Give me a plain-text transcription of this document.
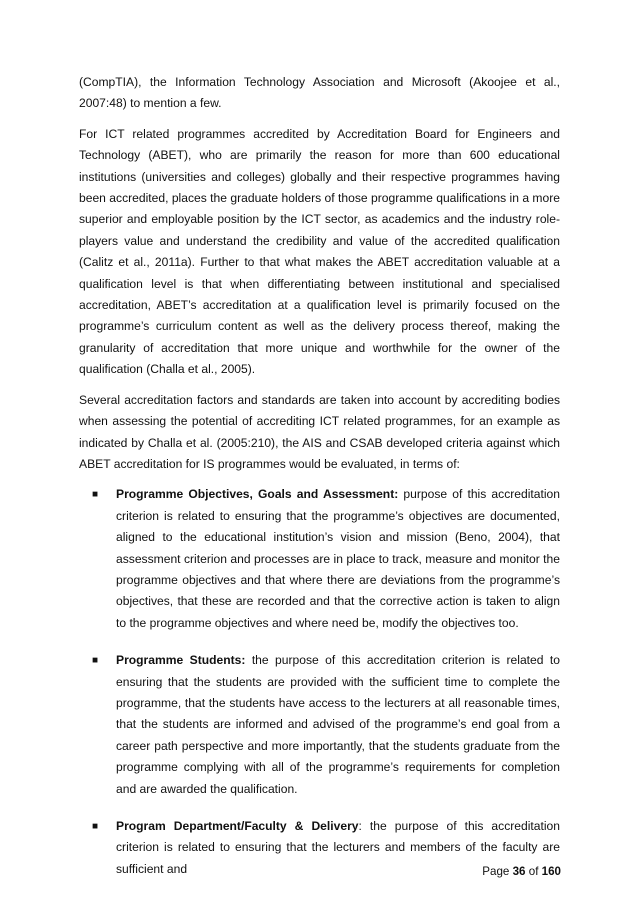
(CompTIA), the Information Technology Association and Microsoft (Akoojee et al., 2007:48) to mention a few.

For ICT related programmes accredited by Accreditation Board for Engineers and Technology (ABET), who are primarily the reason for more than 600 educational institutions (universities and colleges) globally and their respective programmes having been accredited, places the graduate holders of those programme qualifications in a more superior and employable position by the ICT sector, as academics and the industry role-players value and understand the credibility and value of the accredited qualification (Calitz et al., 2011a). Further to that what makes the ABET accreditation valuable at a qualification level is that when differentiating between institutional and specialised accreditation, ABET’s accreditation at a qualification level is primarily focused on the programme’s curriculum content as well as the delivery process thereof, making the granularity of accreditation that more unique and worthwhile for the owner of the qualification (Challa et al., 2005).

Several accreditation factors and standards are taken into account by accrediting bodies when assessing the potential of accrediting ICT related programmes, for an example as indicated by Challa et al. (2005:210), the AIS and CSAB developed criteria against which ABET accreditation for IS programmes would be evaluated, in terms of:

■ Programme Objectives, Goals and Assessment: purpose of this accreditation criterion is related to ensuring that the programme’s objectives are documented, aligned to the educational institution’s vision and mission (Beno, 2004), that assessment criterion and processes are in place to track, measure and monitor the programme objectives and that where there are deviations from the programme’s objectives, that these are recorded and that the corrective action is taken to align to the programme objectives and where need be, modify the objectives too.
■ Programme Students: the purpose of this accreditation criterion is related to ensuring that the students are provided with the sufficient time to complete the programme, that the students have access to the lecturers at all reasonable times, that the students are informed and advised of the programme’s end goal from a career path perspective and more importantly, that the students graduate from the programme complying with all of the programme’s requirements for completion and are awarded the qualification.
■ Program Department/Faculty & Delivery: the purpose of this accreditation criterion is related to ensuring that the lecturers and members of the faculty are sufficient and	Page 36 of 160
